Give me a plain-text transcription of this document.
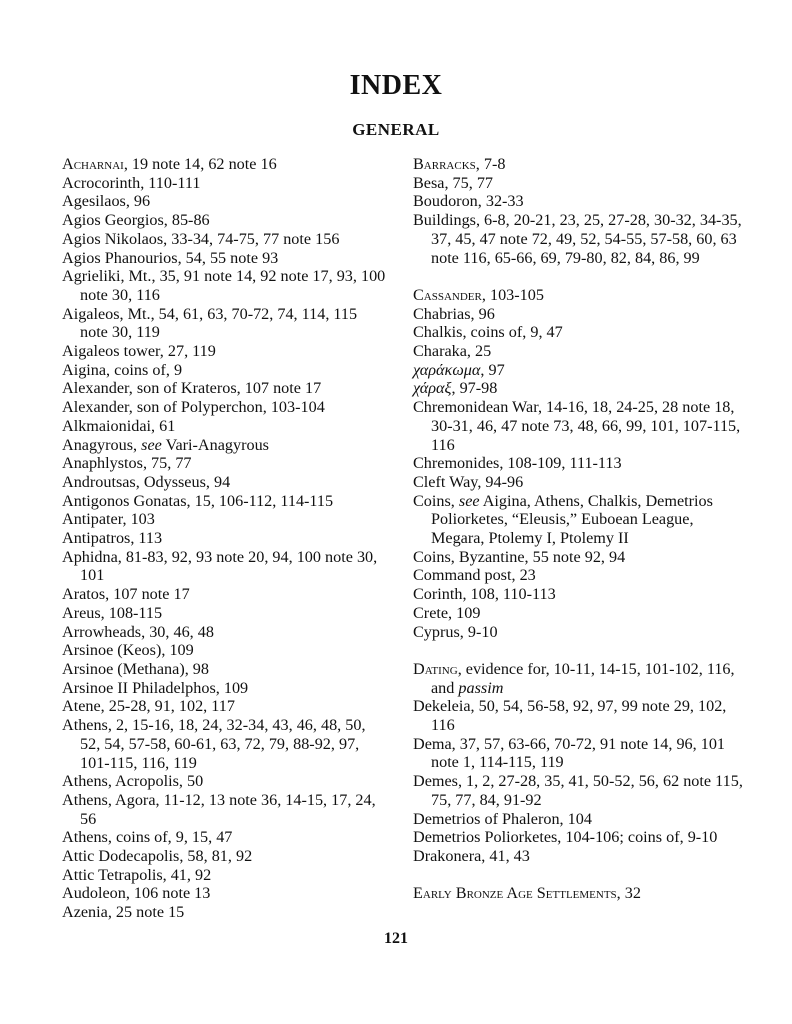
INDEX
GENERAL
Acharnai, 19 note 14, 62 note 16
Acrocorinth, 110-111
Agesilaos, 96
Agios Georgios, 85-86
Agios Nikolaos, 33-34, 74-75, 77 note 156
Agios Phanourios, 54, 55 note 93
Agrieliki, Mt., 35, 91 note 14, 92 note 17, 93, 100 note 30, 116
Aigaleos, Mt., 54, 61, 63, 70-72, 74, 114, 115 note 30, 119
Aigaleos tower, 27, 119
Aigina, coins of, 9
Alexander, son of Krateros, 107 note 17
Alexander, son of Polyperchon, 103-104
Alkmaionidai, 61
Anagyrous, see Vari-Anagyrous
Anaphlystos, 75, 77
Androutsas, Odysseus, 94
Antigonos Gonatas, 15, 106-112, 114-115
Antipater, 103
Antipatros, 113
Aphidna, 81-83, 92, 93 note 20, 94, 100 note 30, 101
Aratos, 107 note 17
Areus, 108-115
Arrowheads, 30, 46, 48
Arsinoe (Keos), 109
Arsinoe (Methana), 98
Arsinoe II Philadelphos, 109
Atene, 25-28, 91, 102, 117
Athens, 2, 15-16, 18, 24, 32-34, 43, 46, 48, 50, 52, 54, 57-58, 60-61, 63, 72, 79, 88-92, 97, 101-115, 116, 119
Athens, Acropolis, 50
Athens, Agora, 11-12, 13 note 36, 14-15, 17, 24, 56
Athens, coins of, 9, 15, 47
Attic Dodecapolis, 58, 81, 92
Attic Tetrapolis, 41, 92
Audoleon, 106 note 13
Azenia, 25 note 15
Barracks, 7-8
Besa, 75, 77
Boudoron, 32-33
Buildings, 6-8, 20-21, 23, 25, 27-28, 30-32, 34-35, 37, 45, 47 note 72, 49, 52, 54-55, 57-58, 60, 63 note 116, 65-66, 69, 79-80, 82, 84, 86, 99
Cassander, 103-105
Chabrias, 96
Chalkis, coins of, 9, 47
Charaka, 25
χαράκωμα, 97
χάραξ, 97-98
Chremonidean War, 14-16, 18, 24-25, 28 note 18, 30-31, 46, 47 note 73, 48, 66, 99, 101, 107-115, 116
Chremonides, 108-109, 111-113
Cleft Way, 94-96
Coins, see Aigina, Athens, Chalkis, Demetrios Poliorketes, “Eleusis,” Euboean League, Megara, Ptolemy I, Ptolemy II
Coins, Byzantine, 55 note 92, 94
Command post, 23
Corinth, 108, 110-113
Crete, 109
Cyprus, 9-10
Dating, evidence for, 10-11, 14-15, 101-102, 116, and passim
Dekeleia, 50, 54, 56-58, 92, 97, 99 note 29, 102, 116
Dema, 37, 57, 63-66, 70-72, 91 note 14, 96, 101 note 1, 114-115, 119
Demes, 1, 2, 27-28, 35, 41, 50-52, 56, 62 note 115, 75, 77, 84, 91-92
Demetrios of Phaleron, 104
Demetrios Poliorketes, 104-106; coins of, 9-10
Drakonera, 41, 43
Early Bronze Age Settlements, 32
121
